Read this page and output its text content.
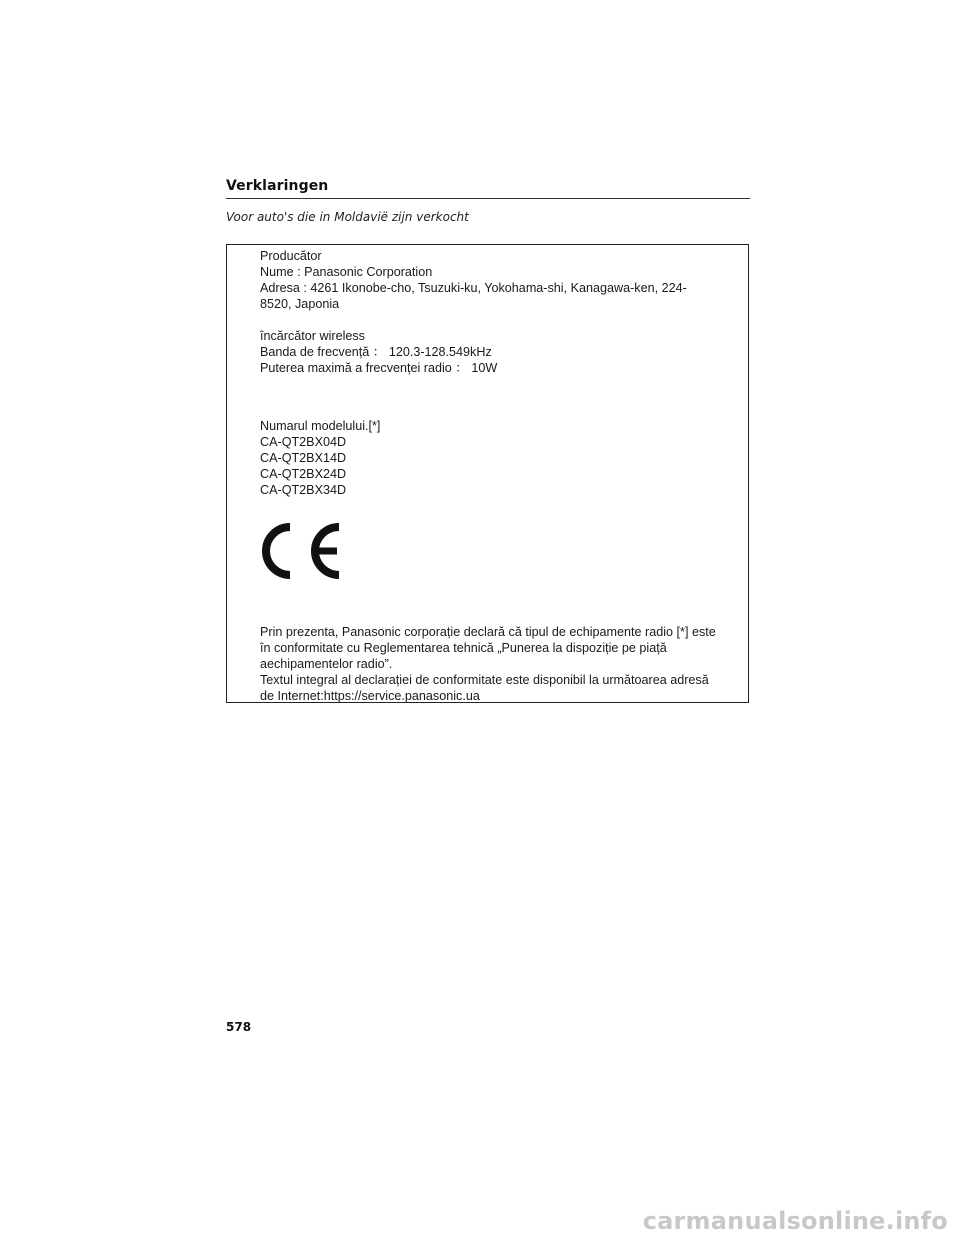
Verklaringen
Voor auto's die in Moldavië zijn verkocht
Producător
Nume : Panasonic Corporation
Adresa : 4261 Ikonobe-cho, Tsuzuki-ku, Yokohama-shi, Kanagawa-ken, 224-
8520, Japonia
încărcător wireless
Banda de frecvență ： 120.3-128.549kHz
Puterea maximă a frecvenței radio ： 10W
Numarul modelului.[*]
CA-QT2BX04D
CA-QT2BX14D
CA-QT2BX24D
CA-QT2BX34D
Prin prezenta, Panasonic corporație declară că tipul de echipamente radio [*] este
în conformitate cu Reglementarea tehnică „Punerea la dispoziție pe piață
aechipamentelor radio”.
Textul integral al declarației de conformitate este disponibil la următoarea adresă
de Internet:https://service.panasonic.ua
578
carmanualsonline.info
